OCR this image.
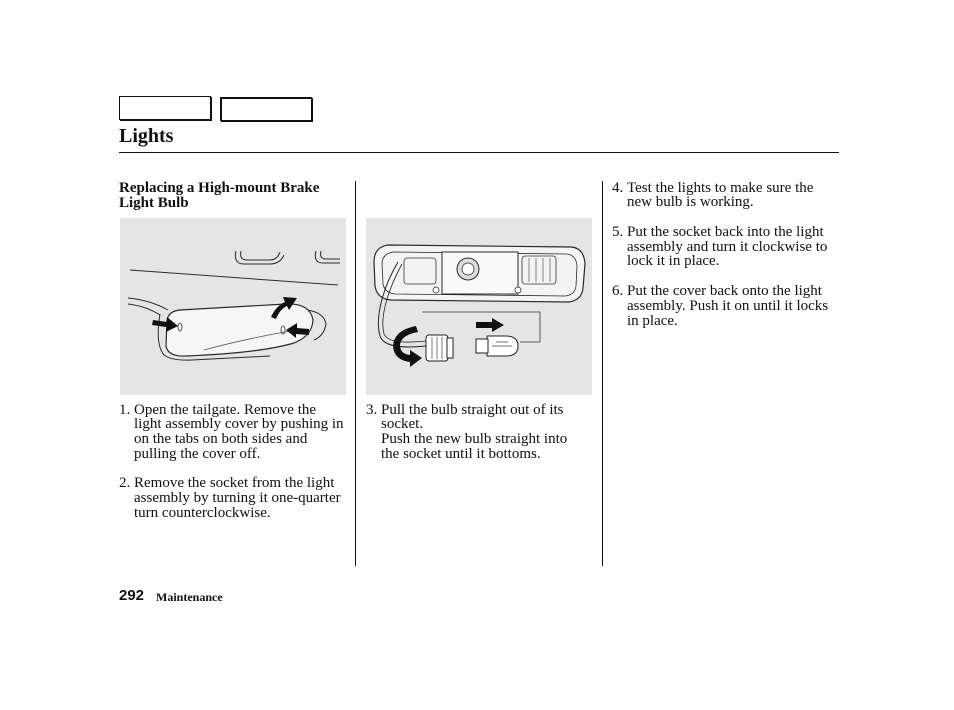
Lights
Replacing a High-mount Brake
Light Bulb
1. Open the tailgate. Remove the
light assembly cover by pushing in
on the tabs on both sides and
pulling the cover off.
2. Remove the socket from the light
assembly by turning it one-quarter
turn counterclockwise.
3. Pull the bulb straight out of its
socket.
Push the new bulb straight into
the socket until it bottoms.
4. Test the lights to make sure the
new bulb is working.
5. Put the socket back into the light
assembly and turn it clockwise to
lock it in place.
6. Put the cover back onto the light
assembly. Push it on until it locks
in place.
292 Maintenance
